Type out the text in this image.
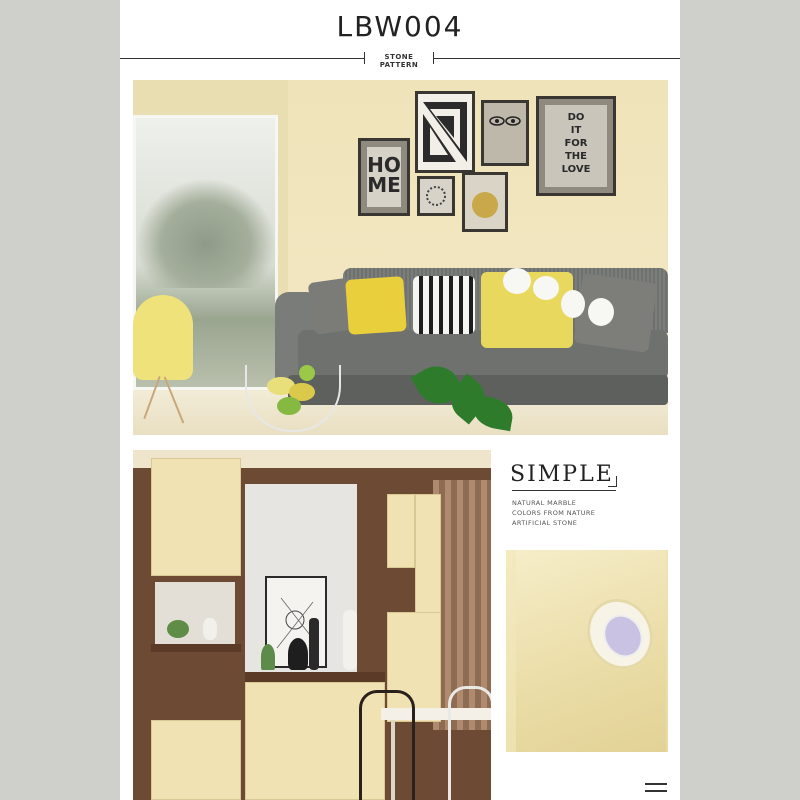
LBW004
STONE PATTERN
HO
ME
DO
IT
FOR
THE
LOVE
SIMPLE
NATURAL MARBLE
COLORS FROM NATURE
ARTIFICIAL STONE
